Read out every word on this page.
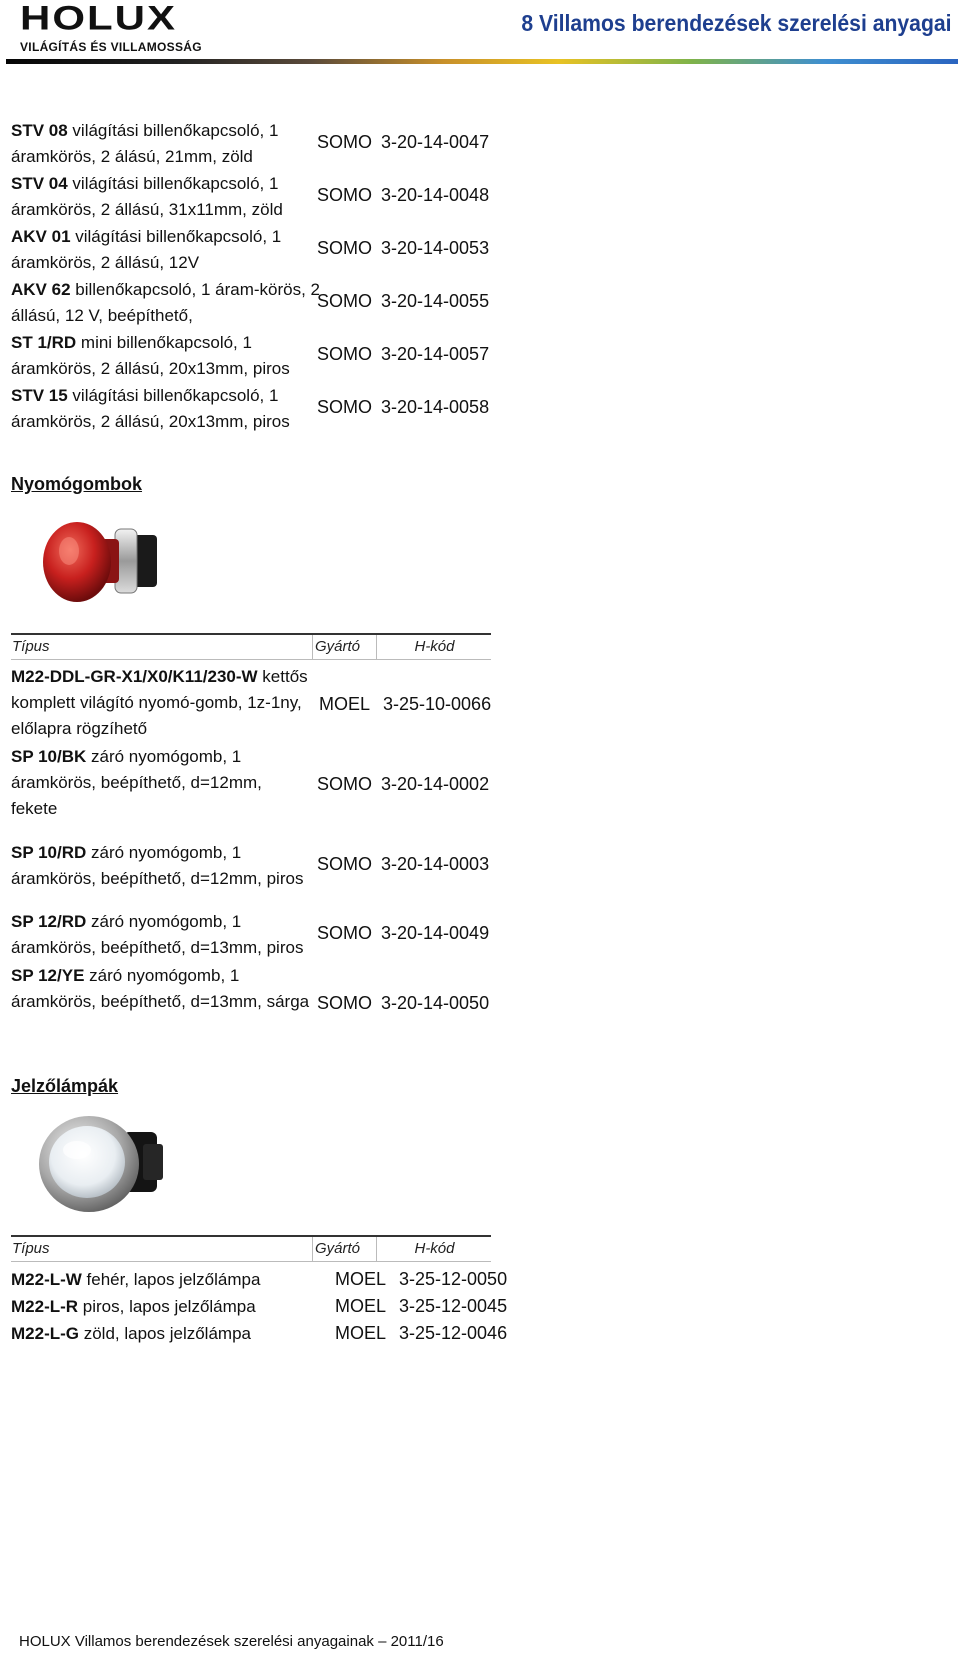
HOLUX
VILÁGÍTÁS ÉS VILLAMOSSÁG
8 Villamos berendezések szerelési anyagai
STV 08 világítási billenőkapcsoló, 1 áramkörös, 2 álású, 21mm, zöld
SOMO 3-20-14-0047
STV 04 világítási billenőkapcsoló, 1 áramkörös, 2 állású, 31x11mm, zöld
SOMO 3-20-14-0048
AKV 01 világítási billenőkapcsoló, 1 áramkörös, 2 állású, 12V
SOMO 3-20-14-0053
AKV 62 billenőkapcsoló, 1 áram-körös, 2 állású, 12 V, beépíthető,
SOMO 3-20-14-0055
ST 1/RD mini billenőkapcsoló, 1 áramkörös, 2 állású, 20x13mm, piros
SOMO 3-20-14-0057
STV 15 világítási billenőkapcsoló, 1 áramkörös, 2 állású, 20x13mm, piros
SOMO 3-20-14-0058
Nyomógombok
Típus	Gyártó	H-kód
M22-DDL-GR-X1/X0/K11/230-W kettős komplett világító nyomó-gomb, 1z-1ny, előlapra rögzíhető
MOEL 3-25-10-0066
SP 10/BK záró nyomógomb, 1 áramkörös, beépíthető, d=12mm, fekete
SOMO 3-20-14-0002
SP 10/RD záró nyomógomb, 1 áramkörös, beépíthető, d=12mm, piros
SOMO 3-20-14-0003
SP 12/RD záró nyomógomb, 1 áramkörös, beépíthető, d=13mm, piros
SOMO 3-20-14-0049
SP 12/YE záró nyomógomb, 1 áramkörös, beépíthető, d=13mm, sárga SOMO 3-20-14-0050
Jelzőlámpák
Típus	Gyártó	H-kód
M22-L-W fehér, lapos jelzőlámpa	MOEL 3-25-12-0050
M22-L-R piros, lapos jelzőlámpa	MOEL 3-25-12-0045
M22-L-G zöld, lapos jelzőlámpa	MOEL 3-25-12-0046
HOLUX Villamos berendezések szerelési anyagainak – 2011/16
